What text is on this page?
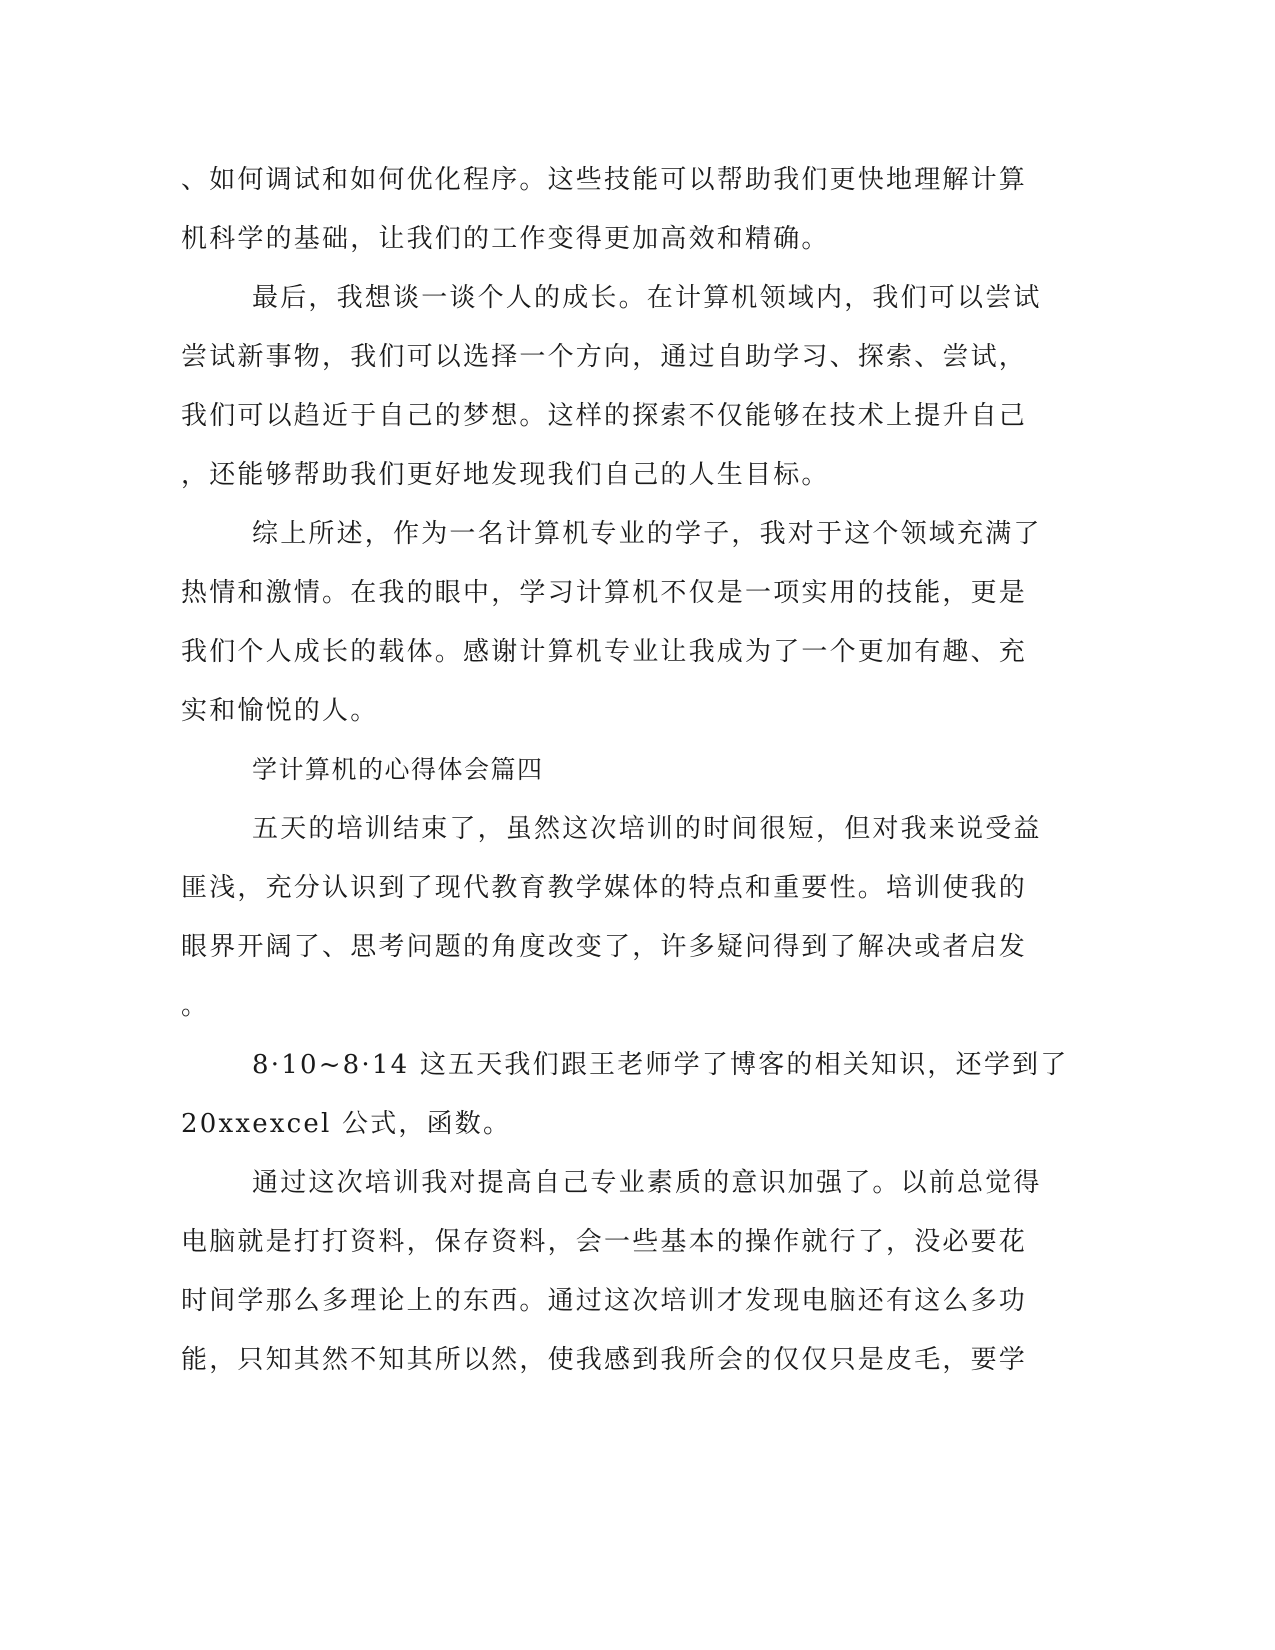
、如何调试和如何优化程序。这些技能可以帮助我们更快地理解计算
机科学的基础，让我们的工作变得更加高效和精确。
最后，我想谈一谈个人的成长。在计算机领域内，我们可以尝试
尝试新事物，我们可以选择一个方向，通过自助学习、探索、尝试，
我们可以趋近于自己的梦想。这样的探索不仅能够在技术上提升自己
，还能够帮助我们更好地发现我们自己的人生目标。
综上所述，作为一名计算机专业的学子，我对于这个领域充满了
热情和激情。在我的眼中，学习计算机不仅是一项实用的技能，更是
我们个人成长的载体。感谢计算机专业让我成为了一个更加有趣、充
实和愉悦的人。
学计算机的心得体会篇四
五天的培训结束了，虽然这次培训的时间很短，但对我来说受益
匪浅，充分认识到了现代教育教学媒体的特点和重要性。培训使我的
眼界开阔了、思考问题的角度改变了，许多疑问得到了解决或者启发
。
8·10~8·14 这五天我们跟王老师学了博客的相关知识，还学到了
20xxexcel 公式，函数。
通过这次培训我对提高自己专业素质的意识加强了。以前总觉得
电脑就是打打资料，保存资料，会一些基本的操作就行了，没必要花
时间学那么多理论上的东西。通过这次培训才发现电脑还有这么多功
能，只知其然不知其所以然，使我感到我所会的仅仅只是皮毛，要学
